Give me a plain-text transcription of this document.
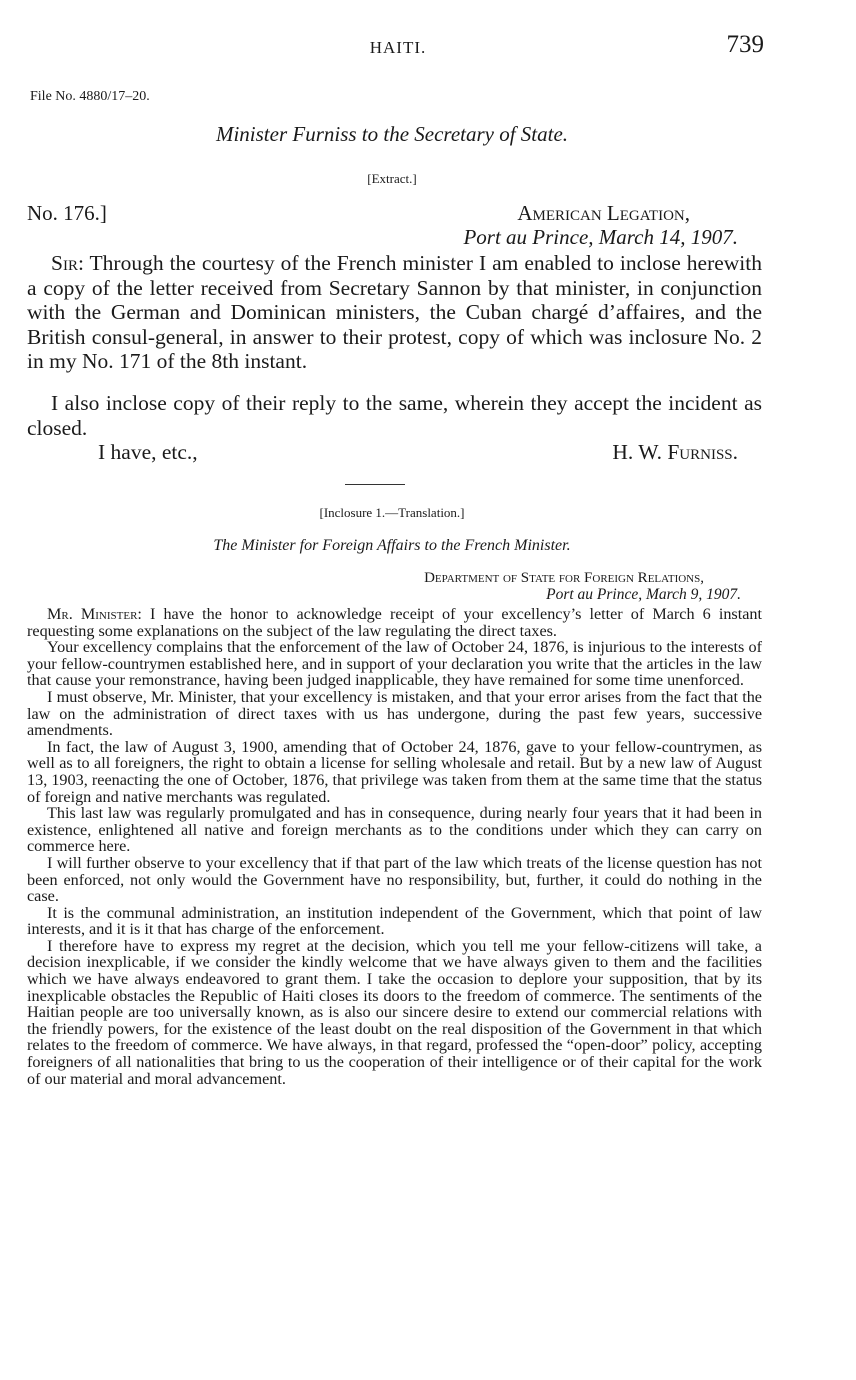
HAITI.	739
File No. 4880/17–20.
Minister Furniss to the Secretary of State.
[Extract.]
No. 176.]	American Legation,
Port au Prince, March 14, 1907.

Sir: Through the courtesy of the French minister I am enabled to inclose herewith a copy of the letter received from Secretary Sannon by that minister, in conjunction with the German and Dominican ministers, the Cuban chargé d’affaires, and the British consul-general, in answer to their protest, copy of which was inclosure No. 2 in my No. 171 of the 8th instant.

I also inclose copy of their reply to the same, wherein they accept the incident as closed.

I have, etc.,	H. W. Furniss.
[Inclosure 1.—Translation.]
The Minister for Foreign Affairs to the French Minister.
Department of State for Foreign Relations,
Port au Prince, March 9, 1907.

Mr. Minister: I have the honor to acknowledge receipt of your excellency’s letter of March 6 instant requesting some explanations on the subject of the law regulating the direct taxes.

Your excellency complains that the enforcement of the law of October 24, 1876, is injurious to the interests of your fellow-countrymen established here, and in support of your declaration you write that the articles in the law that cause your remonstrance, having been judged inapplicable, they have remained for some time unenforced.

I must observe, Mr. Minister, that your excellency is mistaken, and that your error arises from the fact that the law on the administration of direct taxes with us has undergone, during the past few years, successive amendments.

In fact, the law of August 3, 1900, amending that of October 24, 1876, gave to your fellow-countrymen, as well as to all foreigners, the right to obtain a license for selling wholesale and retail. But by a new law of August 13, 1903, reenacting the one of October, 1876, that privilege was taken from them at the same time that the status of foreign and native merchants was regulated.

This last law was regularly promulgated and has in consequence, during nearly four years that it had been in existence, enlightened all native and foreign merchants as to the conditions under which they can carry on commerce here.

I will further observe to your excellency that if that part of the law which treats of the license question has not been enforced, not only would the Government have no responsibility, but, further, it could do nothing in the case.

It is the communal administration, an institution independent of the Government, which that point of law interests, and it is it that has charge of the enforcement.

I therefore have to express my regret at the decision, which you tell me your fellow-citizens will take, a decision inexplicable, if we consider the kindly welcome that we have always given to them and the facilities which we have always endeavored to grant them. I take the occasion to deplore your supposition, that by its inexplicable obstacles the Republic of Haiti closes its doors to the freedom of commerce. The sentiments of the Haitian people are too universally known, as is also our sincere desire to extend our commercial relations with the friendly powers, for the existence of the least doubt on the real disposition of the Government in that which relates to the freedom of commerce. We have always, in that regard, professed the “open-door” policy, accepting foreigners of all nationalities that bring to us the cooperation of their intelligence or of their capital for the work of our material and moral advancement.
